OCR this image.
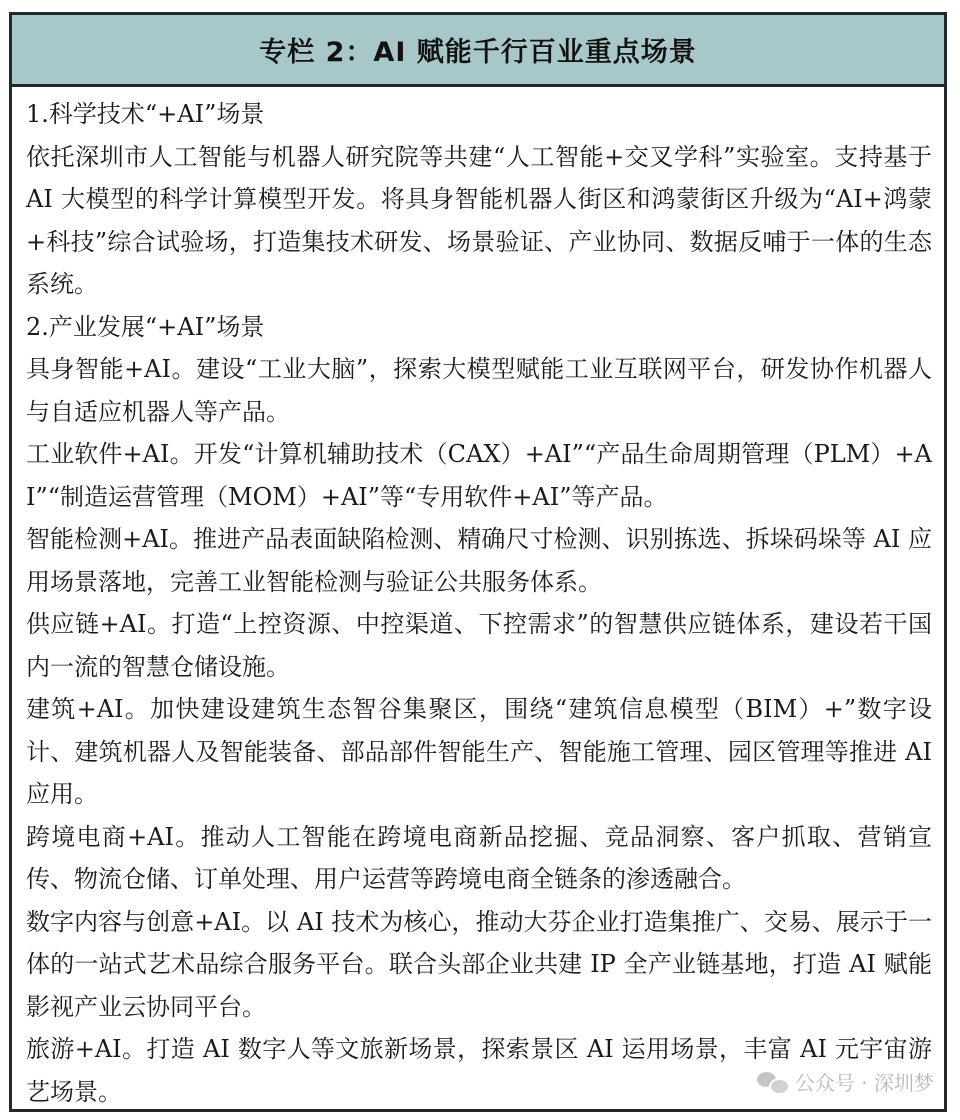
专栏 2：AI 赋能千行百业重点场景

1.科学技术“+AI”场景

依托深圳市人工智能与机器人研究院等共建“人工智能+交叉学科”实验室。支持基于 AI 大模型的科学计算模型开发。将具身智能机器人街区和鸿蒙街区升级为“AI+鸿蒙+科技”综合试验场，打造集技术研发、场景验证、产业协同、数据反哺于一体的生态系统。

2.产业发展“+AI”场景

具身智能+AI。建设“工业大脑”，探索大模型赋能工业互联网平台，研发协作机器人与自适应机器人等产品。

工业软件+AI。开发“计算机辅助技术（CAX）+AI”“产品生命周期管理（PLM）+AI”“制造运营管理（MOM）+AI”等“专用软件+AI”等产品。

智能检测+AI。推进产品表面缺陷检测、精确尺寸检测、识别拣选、拆垛码垛等 AI 应用场景落地，完善工业智能检测与验证公共服务体系。

供应链+AI。打造“上控资源、中控渠道、下控需求”的智慧供应链体系，建设若干国内一流的智慧仓储设施。

建筑+AI。加快建设建筑生态智谷集聚区，围绕“建筑信息模型（BIM）+”数字设计、建筑机器人及智能装备、部品部件智能生产、智能施工管理、园区管理等推进 AI 应用。

跨境电商+AI。推动人工智能在跨境电商新品挖掘、竞品洞察、客户抓取、营销宣传、物流仓储、订单处理、用户运营等跨境电商全链条的渗透融合。

数字内容与创意+AI。以 AI 技术为核心，推动大芬企业打造集推广、交易、展示于一体的一站式艺术品综合服务平台。联合头部企业共建 IP 全产业链基地，打造 AI 赋能影视产业云协同平台。

旅游+AI。打造 AI 数字人等文旅新场景，探索景区 AI 运用场景，丰富 AI 元宇宙游艺场景。	公众号 · 深圳梦
